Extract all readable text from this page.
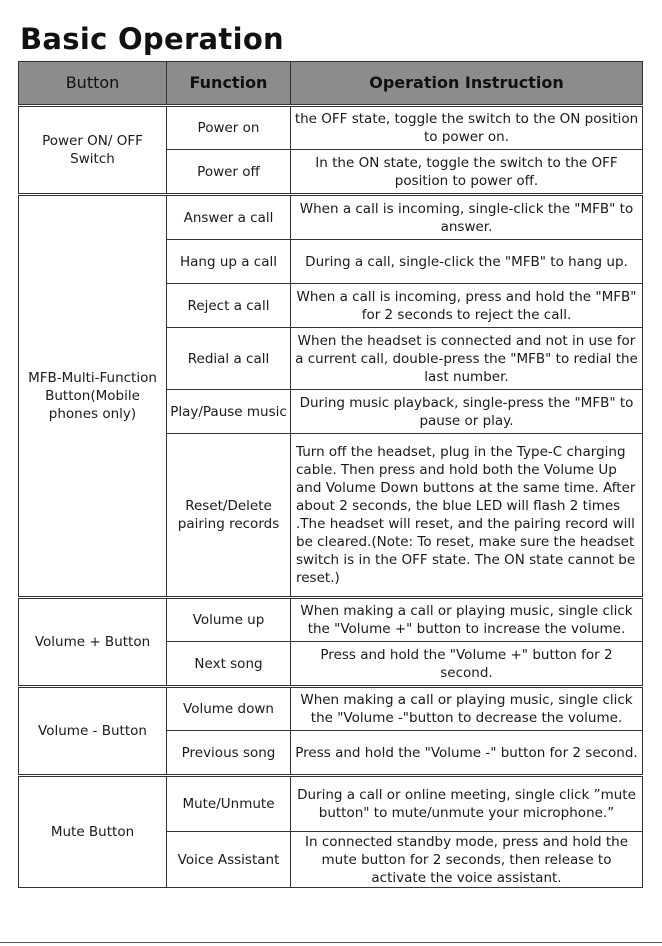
Basic Operation
Button	Function	Operation Instruction

Power ON/ OFF Switch	Power on	the OFF state, toggle the switch to the ON position to power on.
	Power off	In the ON state, toggle the switch to the OFF position to power off.

MFB-Multi-Function Button(Mobile phones only)	Answer a call	When a call is incoming, single-click the "MFB" to answer.
	Hang up a call	During a call, single-click the "MFB" to hang up.
	Reject a call	When a call is incoming, press and hold the "MFB" for 2 seconds to reject the call.
	Redial a call	When the headset is connected and not in use for a current call, double-press the "MFB" to redial the last number.
	Play/Pause music	During music playback, single-press the "MFB" to pause or play.
	Reset/Delete pairing records	Turn off the headset, plug in the Type-C charging cable. Then press and hold both the Volume Up and Volume Down buttons at the same time. After about 2 seconds, the blue LED will flash 2 times .The headset will reset, and the pairing record will be cleared.(Note: To reset, make sure the headset switch is in the OFF state. The ON state cannot be reset.)

Volume + Button	Volume up	When making a call or playing music, single click the "Volume +" button to increase the volume.
	Next song	Press and hold the "Volume +" button for 2 second.

Volume - Button	Volume down	When making a call or playing music, single click the "Volume -"button to decrease the volume.
	Previous song	Press and hold the "Volume -" button for 2 second.

Mute Button	Mute/Unmute	During a call or online meeting, single click ”mute button" to mute/unmute your microphone.”
	Voice Assistant	In connected standby mode, press and hold the mute button for 2 seconds, then release to activate the voice assistant.
